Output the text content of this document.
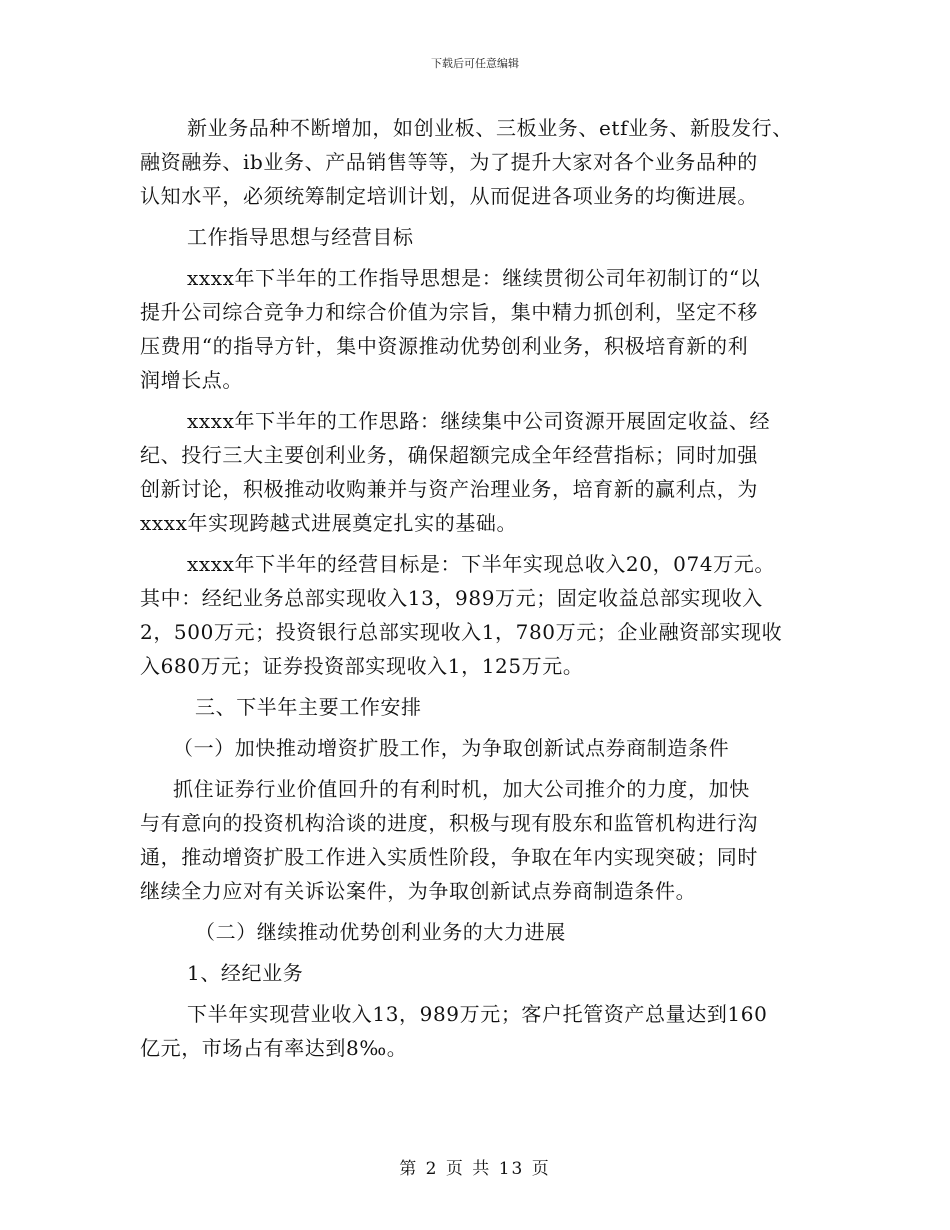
下载后可任意编辑
新业务品种不断增加，如创业板、三板业务、etf业务、新股发行、
融资融券、ib业务、产品销售等等，为了提升大家对各个业务品种的
认知水平，必须统筹制定培训计划，从而促进各项业务的均衡进展。
工作指导思想与经营目标
xxxx年下半年的工作指导思想是：继续贯彻公司年初制订的“以
提升公司综合竞争力和综合价值为宗旨，集中精力抓创利，坚定不移
压费用“的指导方针，集中资源推动优势创利业务，积极培育新的利
润增长点。
xxxx年下半年的工作思路：继续集中公司资源开展固定收益、经
纪、投行三大主要创利业务，确保超额完成全年经营指标；同时加强
创新讨论，积极推动收购兼并与资产治理业务，培育新的赢利点，为
xxxx年实现跨越式进展奠定扎实的基础。
xxxx年下半年的经营目标是：下半年实现总收入20，074万元。
其中：经纪业务总部实现收入13，989万元；固定收益总部实现收入
2，500万元；投资银行总部实现收入1，780万元；企业融资部实现收
入680万元；证券投资部实现收入1，125万元。
三、下半年主要工作安排
（一）加快推动增资扩股工作，为争取创新试点券商制造条件
抓住证券行业价值回升的有利时机，加大公司推介的力度，加快
与有意向的投资机构洽谈的进度，积极与现有股东和监管机构进行沟
通，推动增资扩股工作进入实质性阶段，争取在年内实现突破；同时
继续全力应对有关诉讼案件，为争取创新试点券商制造条件。
（二）继续推动优势创利业务的大力进展
1、经纪业务
下半年实现营业收入13，989万元；客户托管资产总量达到160
亿元，市场占有率达到8‰。
第 2 页 共 13 页
